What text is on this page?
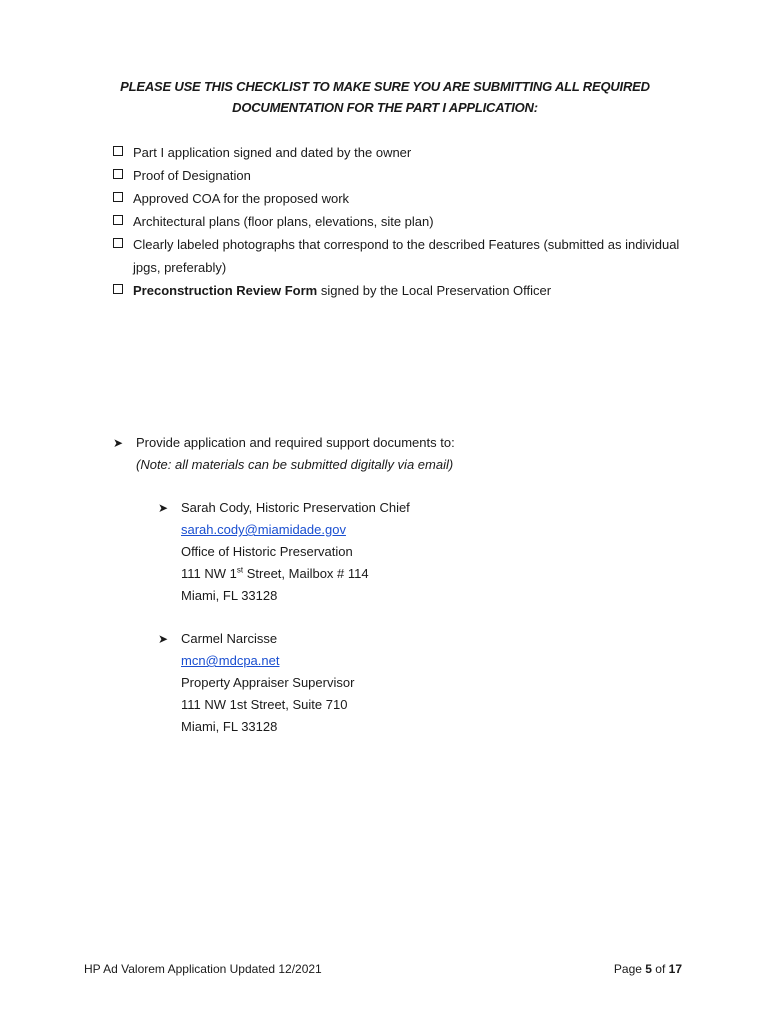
PLEASE USE THIS CHECKLIST TO MAKE SURE YOU ARE SUBMITTING ALL REQUIRED
DOCUMENTATION FOR THE PART I APPLICATION:
Part I application signed and dated by the owner
Proof of Designation
Approved COA for the proposed work
Architectural plans (floor plans, elevations, site plan)
Clearly labeled photographs that correspond to the described Features (submitted as individual jpgs, preferably)
Preconstruction Review Form signed by the Local Preservation Officer
➤ Provide application and required support documents to:
(Note: all materials can be submitted digitally via email)
➤ Sarah Cody, Historic Preservation Chief
sarah.cody@miamidade.gov
Office of Historic Preservation
111 NW 1st Street, Mailbox # 114
Miami, FL 33128
➤ Carmel Narcisse
mcn@mdcpa.net
Property Appraiser Supervisor
111 NW 1st Street, Suite 710
Miami, FL 33128
HP Ad Valorem Application Updated 12/2021	Page 5 of 17
